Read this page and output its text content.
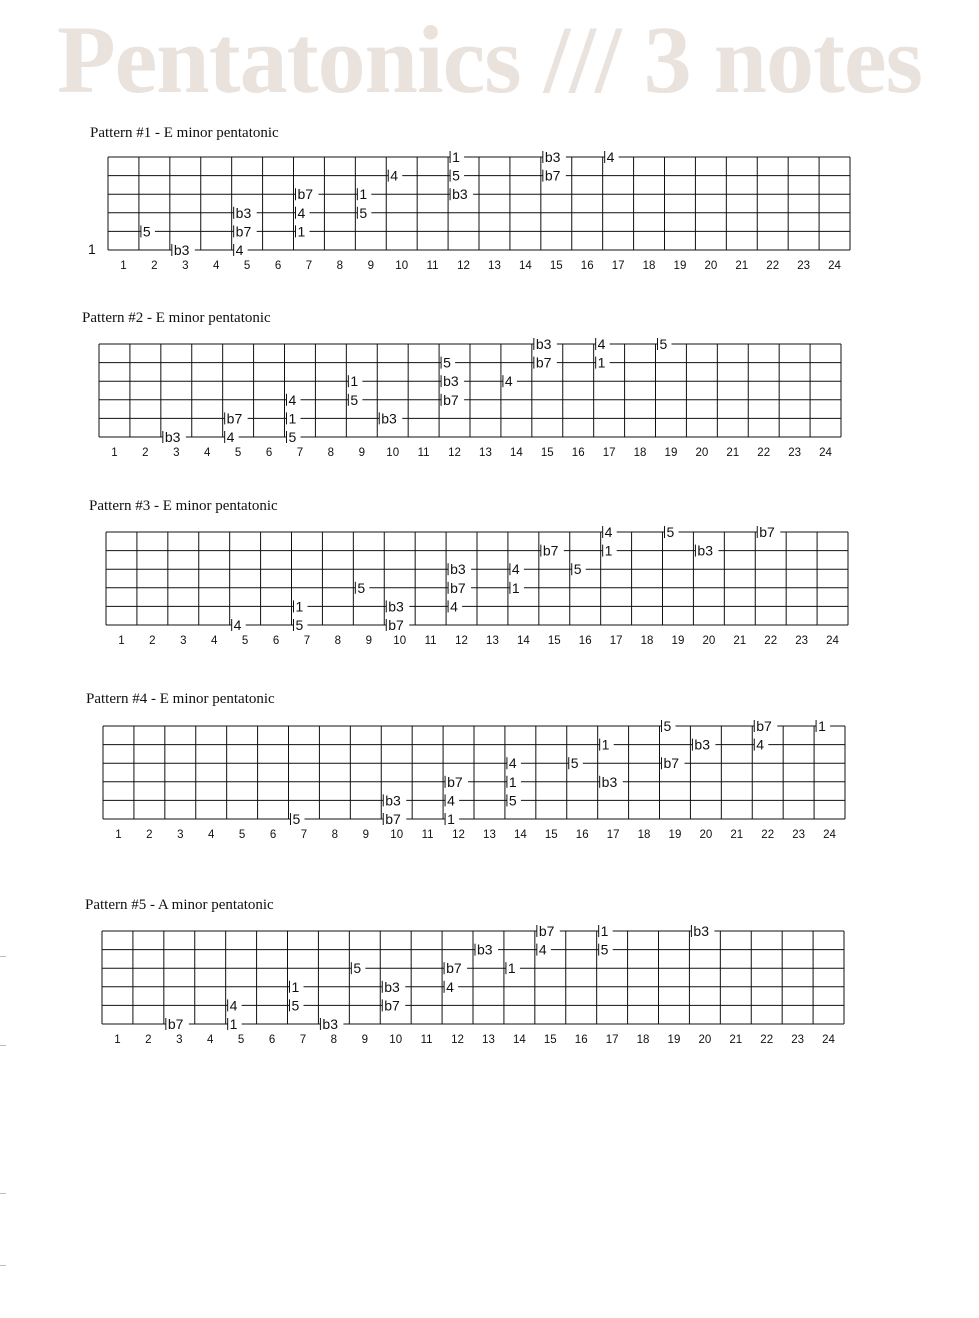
Pentatonics /// 3 notes
Pattern #1 - E minor pentatonic
1
1 2 3 4 5 6 7 8 9 10 11 12 13 14 15 16 17 18 19 20 21 22 23 24
1	b3	4
4	5	b7
b7	1	b3
b3	4	5
5	b7	1
b3	4
Pattern #2 - E minor pentatonic
1 2 3 4 5 6 7 8 9 10 11 12 13 14 15 16 17 18 19 20 21 22 23 24
b3	4	5
5	b7	1
1	b3	4
4	5	b7
b7	1	b3
b3	4	5
Pattern #3 - E minor pentatonic
1 2 3 4 5 6 7 8 9 10 11 12 13 14 15 16 17 18 19 20 21 22 23 24
4	5	b7
b7	1	b3
b3	4	5
5	b7	1
1	b3	4
4	5	b7
Pattern #4 - E minor pentatonic
1 2 3 4 5 6 7 8 9 10 11 12 13 14 15 16 17 18 19 20 21 22 23 24
5	b7	1
1	b3	4
4	5	b7
b7	1	b3
b3	4	5
5	b7	1
Pattern #5 - A minor pentatonic
1 2 3 4 5 6 7 8 9 10 11 12 13 14 15 16 17 18 19 20 21 22 23 24
b7	1	b3
b3	4	5
5	b7	1
1	b3	4
4	5	b7
b7	1	b3
